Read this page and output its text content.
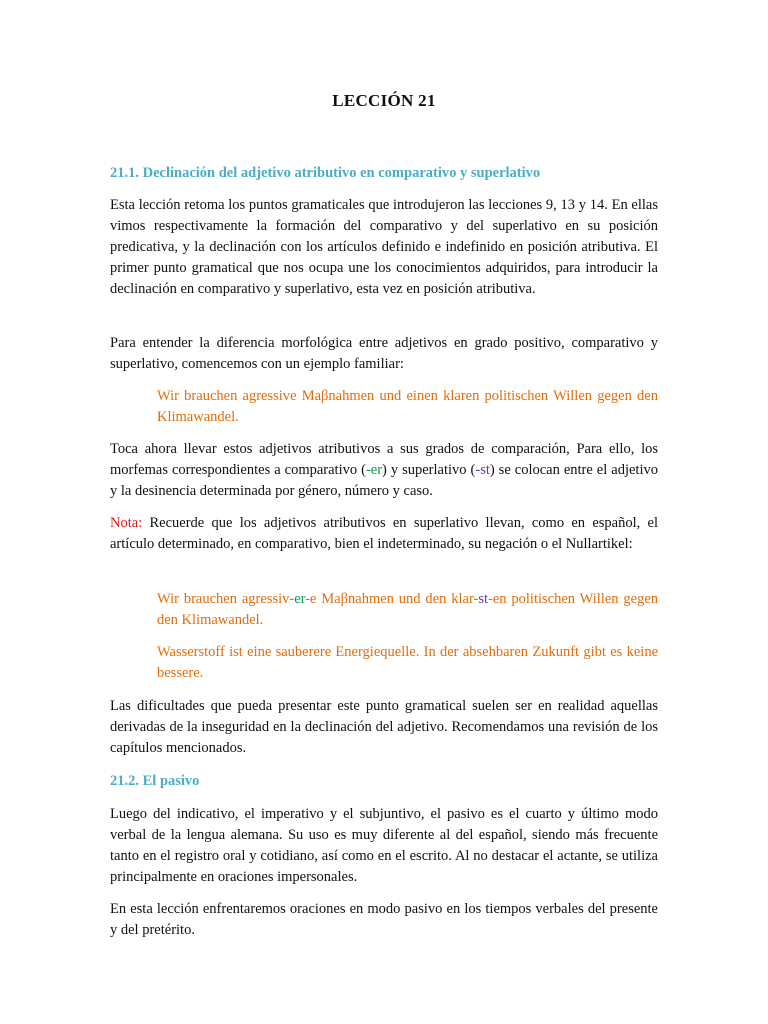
LECCIÓN 21
21.1. Declinación del adjetivo atributivo en comparativo y superlativo

Esta lección retoma los puntos gramaticales que introdujeron las lecciones 9, 13 y 14. En ellas vimos respectivamente la formación del comparativo y del superlativo en su posición predicativa, y la declinación con los artículos definido e indefinido en posición atributiva. El primer punto gramatical que nos ocupa une los conocimientos adquiridos, para introducir la declinación en comparativo y superlativo, esta vez en posición atributiva.

Para entender la diferencia morfológica entre adjetivos en grado positivo, comparativo y superlativo, comencemos con un ejemplo familiar:

Wir brauchen agressive Maβnahmen und einen klaren politischen Willen gegen den Klimawandel.

Toca ahora llevar estos adjetivos atributivos a sus grados de comparación, Para ello, los morfemas correspondientes a comparativo (-er) y superlativo (-st) se colocan entre el adjetivo y la desinencia determinada por género, número y caso.

Nota: Recuerde que los adjetivos atributivos en superlativo llevan, como en español, el artículo determinado, en comparativo, bien el indeterminado, su negación o el Nullartikel:

Wir brauchen agressiv-er-e Maβnahmen und den klar-st-en politischen Willen gegen den Klimawandel.

Wasserstoff ist eine sauberere Energiequelle. In der absehbaren Zukunft gibt es keine bessere.

Las dificultades que pueda presentar este punto gramatical suelen ser en realidad aquellas derivadas de la inseguridad en la declinación del adjetivo. Recomendamos una revisión de los capítulos mencionados.

21.2. El pasivo

Luego del indicativo, el imperativo y el subjuntivo, el pasivo es el cuarto y último modo verbal de la lengua alemana. Su uso es muy diferente al del español, siendo más frecuente tanto en el registro oral y cotidiano, así como en el escrito. Al no destacar el actante, se utiliza principalmente en oraciones impersonales.

En esta lección enfrentaremos oraciones en modo pasivo en los tiempos verbales del presente y del pretérito.
